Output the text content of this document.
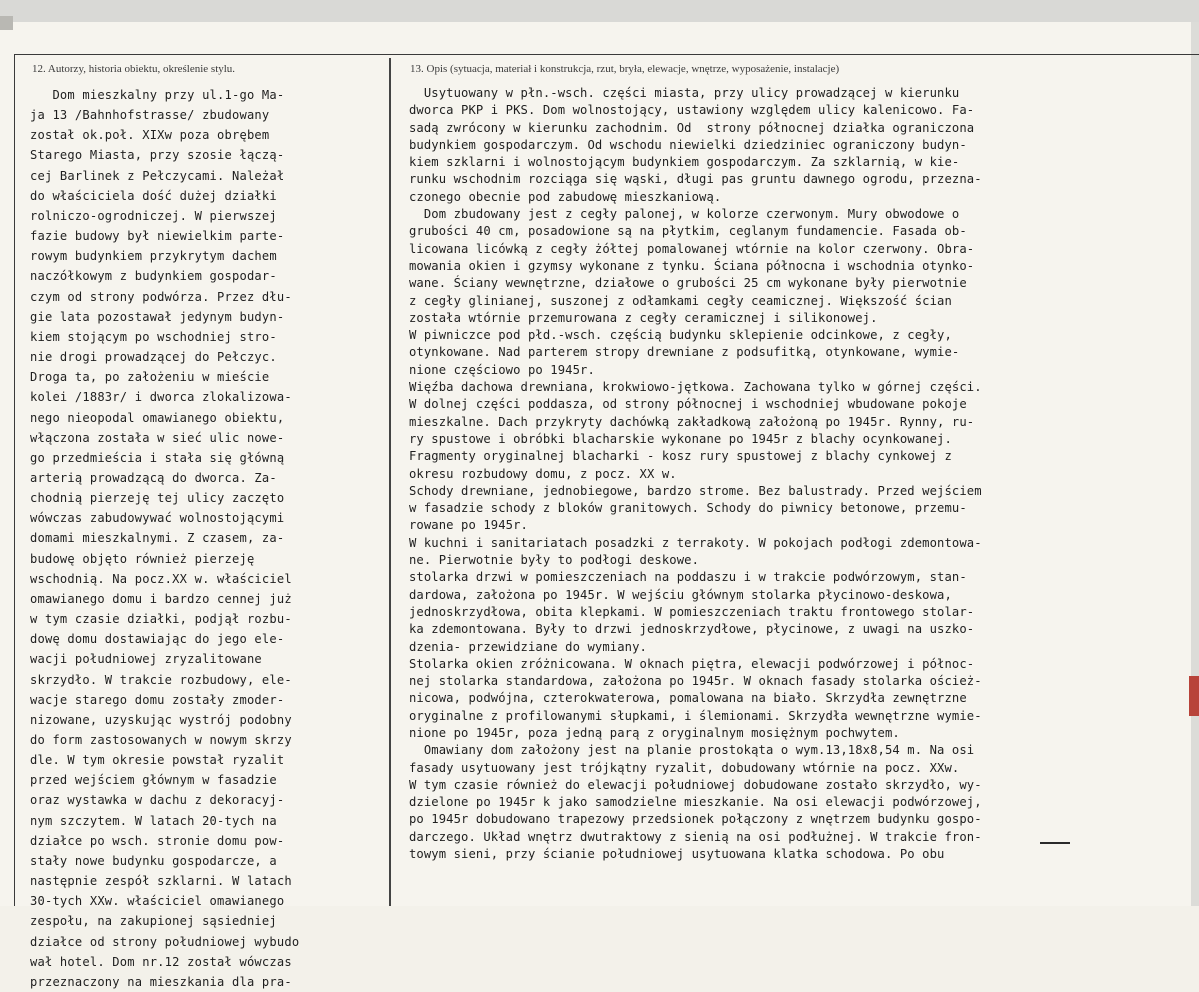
12. Autorzy, historia obiektu, określenie stylu.	13. Opis (sytuacja, materiał i konstrukcja, rzut, bryła, elewacje, wnętrze, wyposażenie, instalacje)
Dom mieszkalny przy ul.1-go Ma-
ja 13 /Bahnhofstrasse/ zbudowany
został ok.poł. XIXw poza obrębem
Starego Miasta, przy szosie łączą-
cej Barlinek z Pełczycami. Należał
do właściciela dość dużej działki
rolniczo-ogrodniczej. W pierwszej
fazie budowy był niewielkim parte-
rowym budynkiem przykrytym dachem
naczółkowym z budynkiem gospodar-
czym od strony podwórza. Przez dłu-
gie lata pozostawał jedynym budyn-
kiem stojącym po wschodniej stro-
nie drogi prowadzącej do Pełczyc.
Droga ta, po założeniu w mieście
kolei /1883r/ i dworca zlokalizowa-
nego nieopodal omawianego obiektu,
włączona została w sieć ulic nowe-
go przedmieścia i stała się główną
arterią prowadzącą do dworca. Za-
chodnią pierzeję tej ulicy zaczęto
wówczas zabudowywać wolnostojącymi
domami mieszkalnymi. Z czasem, za-
budowę objęto również pierzeję
wschodnią. Na pocz.XX w. właściciel
omawianego domu i bardzo cennej już
w tym czasie działki, podjął rozbu-
dowę domu dostawiając do jego ele-
wacji południowej zryzalitowane
skrzydło. W trakcie rozbudowy, ele-
wacje starego domu zostały zmoder-
nizowane, uzyskując wystrój podobny
do form zastosowanych w nowym skrzy
dle. W tym okresie powstał ryzalit
przed wejściem głównym w fasadzie
oraz wystawka w dachu z dekoracyj-
nym szczytem. W latach 20-tych na
działce po wsch. stronie domu pow-
stały nowe budynku gospodarcze, a
następnie zespół szklarni. W latach
30-tych XXw. właściciel omawianego
zespołu, na zakupionej sąsiedniej
działce od strony południowej wybudo
wał hotel. Dom nr.12 został wówczas
przeznaczony na mieszkania dla pra-
Usytuowany w płn.-wsch. części miasta, przy ulicy prowadzącej w kierunku
dworca PKP i PKS. Dom wolnostojący, ustawiony względem ulicy kalenicowo. Fa-
sadą zwrócony w kierunku zachodnim. Od  strony północnej działka ograniczona
budynkiem gospodarczym. Od wschodu niewielki dziedziniec ograniczony budyn-
kiem szklarni i wolnostojącym budynkiem gospodarczym. Za szklarnią, w kie-
runku wschodnim rozciąga się wąski, długi pas gruntu dawnego ogrodu, przezna-
czonego obecnie pod zabudowę mieszkaniową.
Dom zbudowany jest z cegły palonej, w kolorze czerwonym. Mury obwodowe o
grubości 40 cm, posadowione są na płytkim, ceglanym fundamencie. Fasada ob-
licowana licówką z cegły żółtej pomalowanej wtórnie na kolor czerwony. Obra-
mowania okien i gzymsy wykonane z tynku. Ściana północna i wschodnia otynko-
wane. Ściany wewnętrzne, działowe o grubości 25 cm wykonane były pierwotnie
z cegły glinianej, suszonej z odłamkami cegły ceamicznej. Większość ścian
została wtórnie przemurowana z cegły ceramicznej i silikonowej.
W piwniczce pod płd.-wsch. częścią budynku sklepienie odcinkowe, z cegły,
otynkowane. Nad parterem stropy drewniane z podsufitką, otynkowane, wymie-
nione częściowo po 1945r.
Więźba dachowa drewniana, krokwiowo-jętkowa. Zachowana tylko w górnej części.
W dolnej części poddasza, od strony północnej i wschodniej wbudowane pokoje
mieszkalne. Dach przykryty dachówką zakładkową założoną po 1945r. Rynny, ru-
ry spustowe i obróbki blacharskie wykonane po 1945r z blachy ocynkowanej.
Fragmenty oryginalnej blacharki - kosz rury spustowej z blachy cynkowej z
okresu rozbudowy domu, z pocz. XX w.
Schody drewniane, jednobiegowe, bardzo strome. Bez balustrady. Przed wejściem
w fasadzie schody z bloków granitowych. Schody do piwnicy betonowe, przemu-
rowane po 1945r.
W kuchni i sanitariatach posadzki z terrakoty. W pokojach podłogi zdemontowa-
ne. Pierwotnie były to podłogi deskowe.
stolarka drzwi w pomieszczeniach na poddaszu i w trakcie podwórzowym, stan-
dardowa, założona po 1945r. W wejściu głównym stolarka płycinowo-deskowa,
jednoskrzydłowa, obita klepkami. W pomieszczeniach traktu frontowego stolar-
ka zdemontowana. Były to drzwi jednoskrzydłowe, płycinowe, z uwagi na uszko-
dzenia- przewidziane do wymiany.
Stolarka okien zróżnicowana. W oknach piętra, elewacji podwórzowej i północ-
nej stolarka standardowa, założona po 1945r. W oknach fasady stolarka oścież-
nicowa, podwójna, czterokwaterowa, pomalowana na biało. Skrzydła zewnętrzne
oryginalne z profilowanymi słupkami, i ślemionami. Skrzydła wewnętrzne wymie-
nione po 1945r, poza jedną parą z oryginalnym mosiężnym pochwytem.
Omawiany dom założony jest na planie prostokąta o wym.13,18x8,54 m. Na osi
fasady usytuowany jest trójkątny ryzalit, dobudowany wtórnie na pocz. XXw.
W tym czasie również do elewacji południowej dobudowane zostało skrzydło, wy-
dzielone po 1945r k jako samodzielne mieszkanie. Na osi elewacji podwórzowej,
po 1945r dobudowano trapezowy przedsionek połączony z wnętrzem budynku gospo-
darczego. Układ wnętrz dwutraktowy z sienią na osi podłużnej. W trakcie fron-
towym sieni, przy ścianie południowej usytuowana klatka schodowa. Po obu
